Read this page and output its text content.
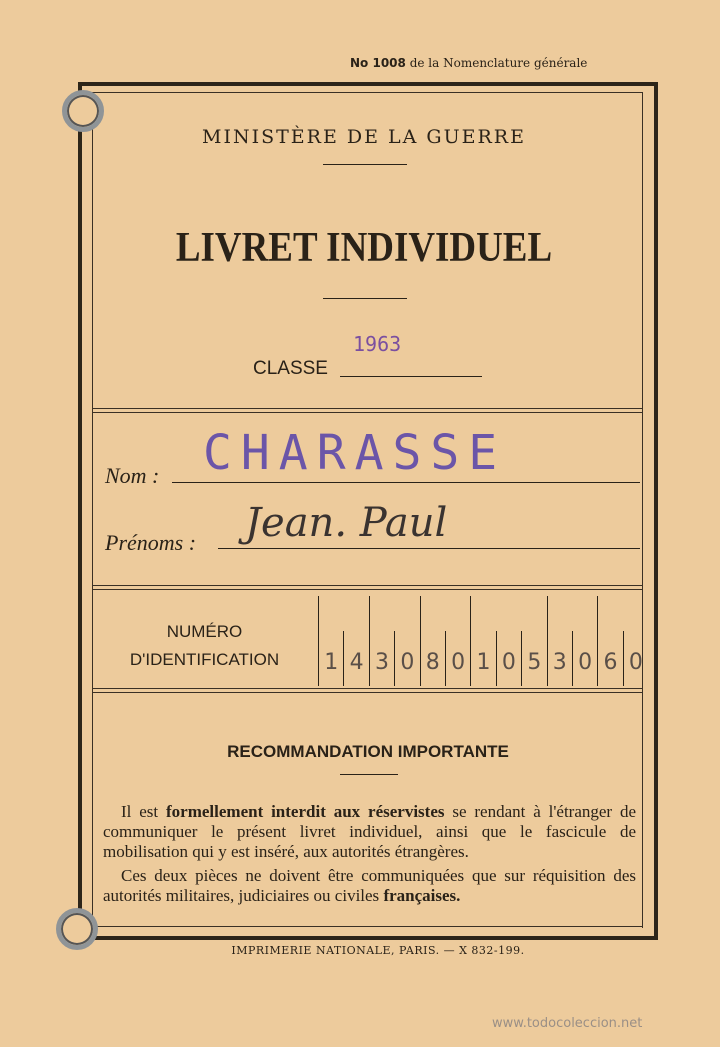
No 1008 de la Nomenclature générale
MINISTÈRE DE LA GUERRE
LIVRET INDIVIDUEL
CLASSE
1963
Nom : CHARASSE
Prénoms : Jean. Paul
NUMÉRO
D'IDENTIFICATION	1 4 3 0 8 0 1 0 5 3 0 6 0
RECOMMANDATION IMPORTANTE

Il est formellement interdit aux réservistes se rendant à l'étranger de communiquer le présent livret individuel, ainsi que le fascicule de mobilisation qui y est inséré, aux autorités étrangères.

Ces deux pièces ne doivent être communiquées que sur réquisition des autorités militaires, judiciaires ou civiles françaises.

IMPRIMERIE NATIONALE, PARIS. — X 832-199.
www.todocoleccion.net
